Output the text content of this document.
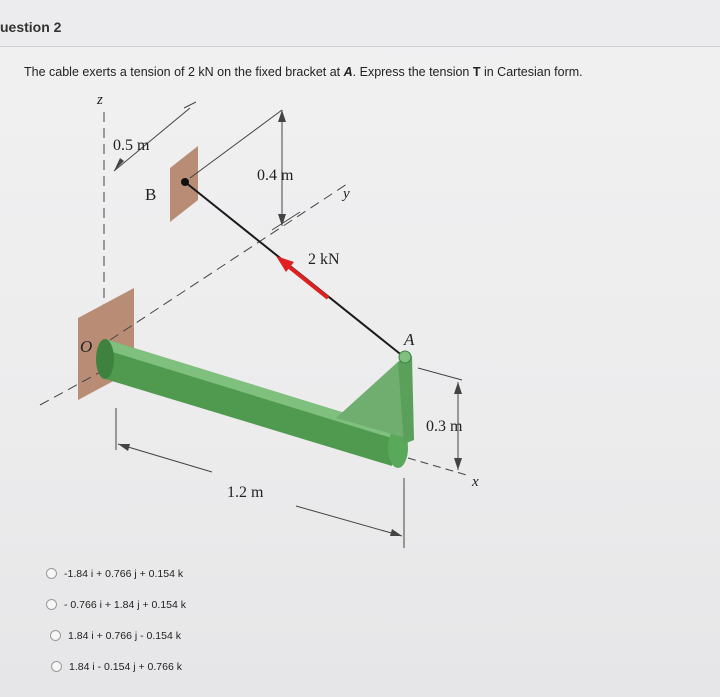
uestion 2
The cable exerts a tension of 2 kN on the fixed bracket at A. Express the tension T in Cartesian form.
z
y
0.5 m
0.4 m
B
2 kN
O	A
0.3 m
x
1.2 m
-1.84 i + 0.766 j + 0.154 k
- 0.766 i + 1.84 j + 0.154 k
1.84 i + 0.766 j - 0.154 k
1.84 i - 0.154 j + 0.766 k
